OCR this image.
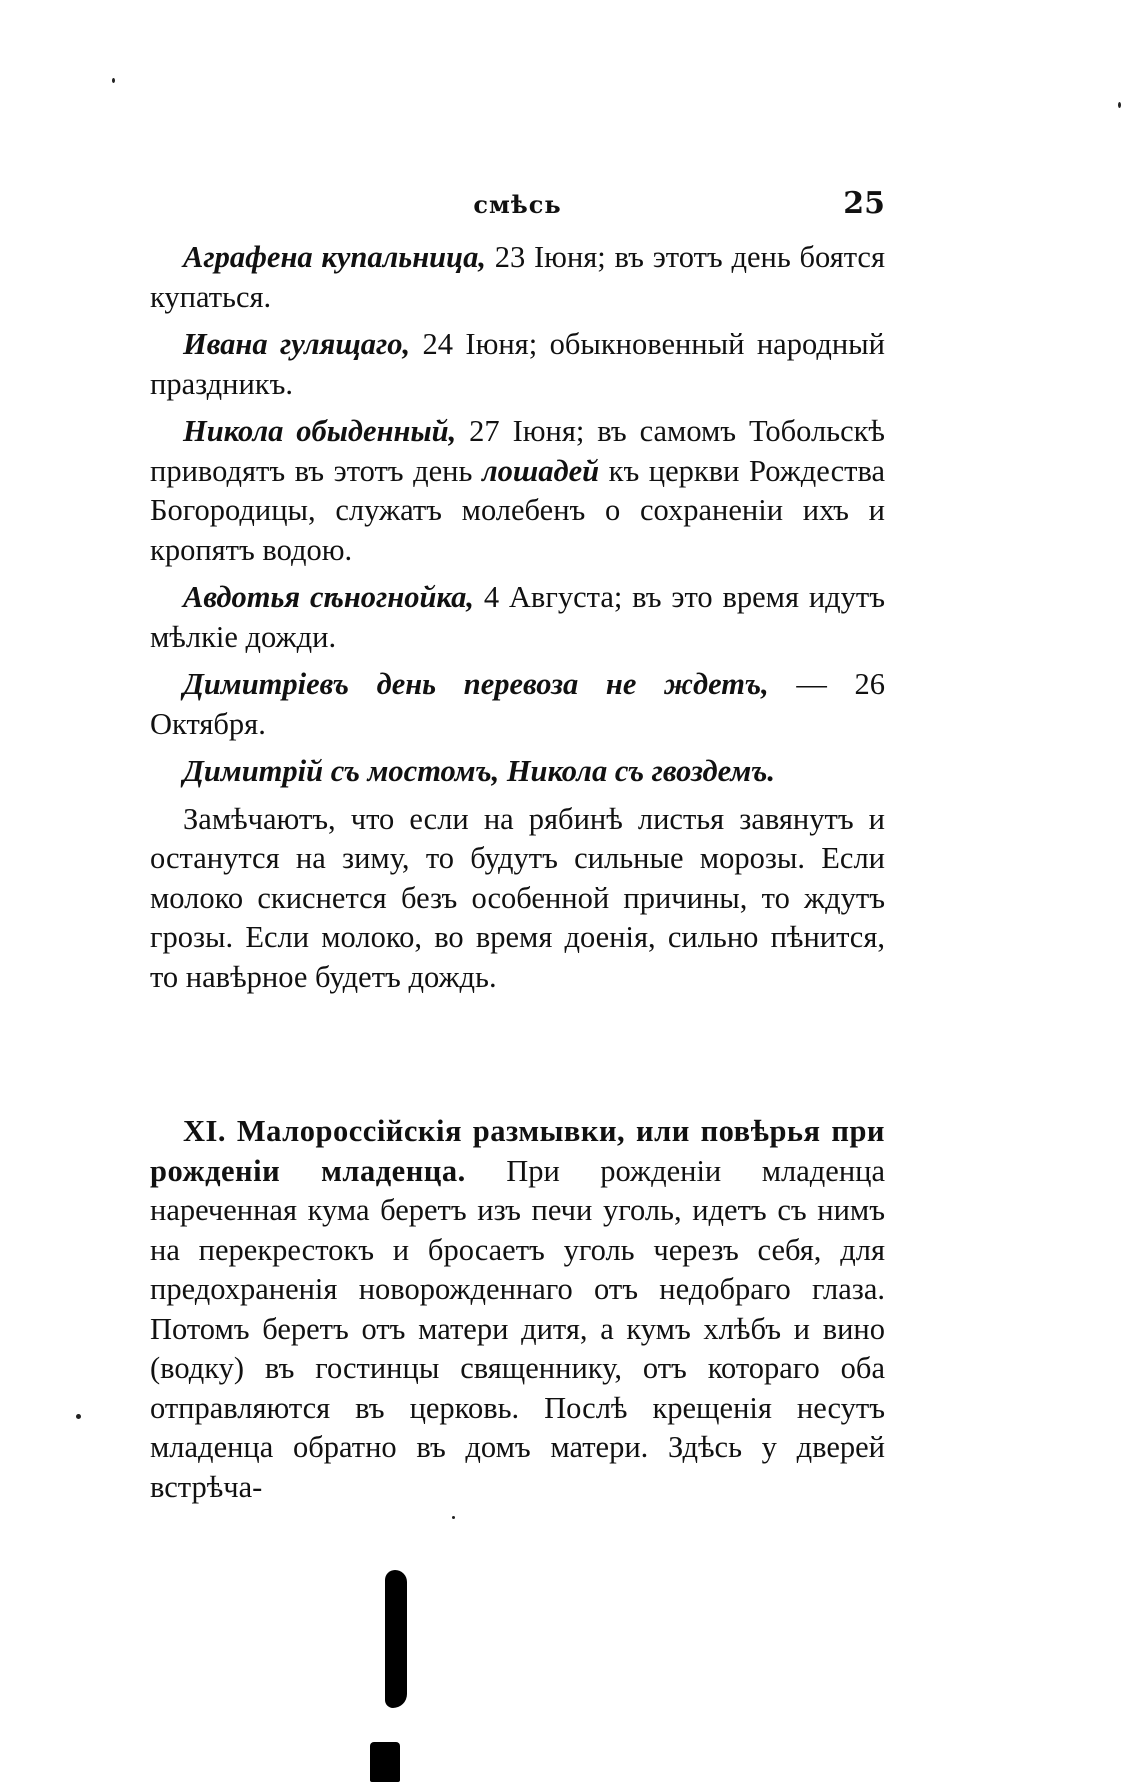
смѣсь	25

Аграфена купальница, 23 Іюня; въ этотъ день боятся купаться.

Ивана гулящаго, 24 Іюня; обыкновенный народный праздникъ.

Никола обыденный, 27 Іюня; въ самомъ Тобольскѣ приводятъ въ этотъ день лошадей къ церкви Рождества Богородицы, служатъ молебенъ о сохраненіи ихъ и кропятъ водою.

Авдотья сѣногнойка, 4 Августа; въ это время идутъ мѣлкіе дожди.

Димитріевъ день перевоза не ждетъ, — 26 Октября.

Димитрій съ мостомъ, Никола съ гвоздемъ.

Замѣчаютъ, что если на рябинѣ листья завянутъ и останутся на зиму, то будутъ сильные морозы. Если молоко скиснется безъ особенной причины, то ждутъ грозы. Если молоко, во время доенія, сильно пѣнится, то навѣрное будетъ дождь.

XI. Малороссійскія размывки, или повѣрья при рожденіи младенца. При рожденіи младенца нареченная кума беретъ изъ печи уголь, идетъ съ нимъ на перекрестокъ и бросаетъ уголь черезъ себя, для предохраненія новорожденнаго отъ недобраго глаза. Потомъ беретъ отъ матери дитя, а кумъ хлѣбъ и вино (водку) въ гостинцы священнику, отъ котораго оба отправляются въ церковь. Послѣ крещенія несутъ младенца обратно въ домъ матери. Здѣсь у дверей встрѣча-
